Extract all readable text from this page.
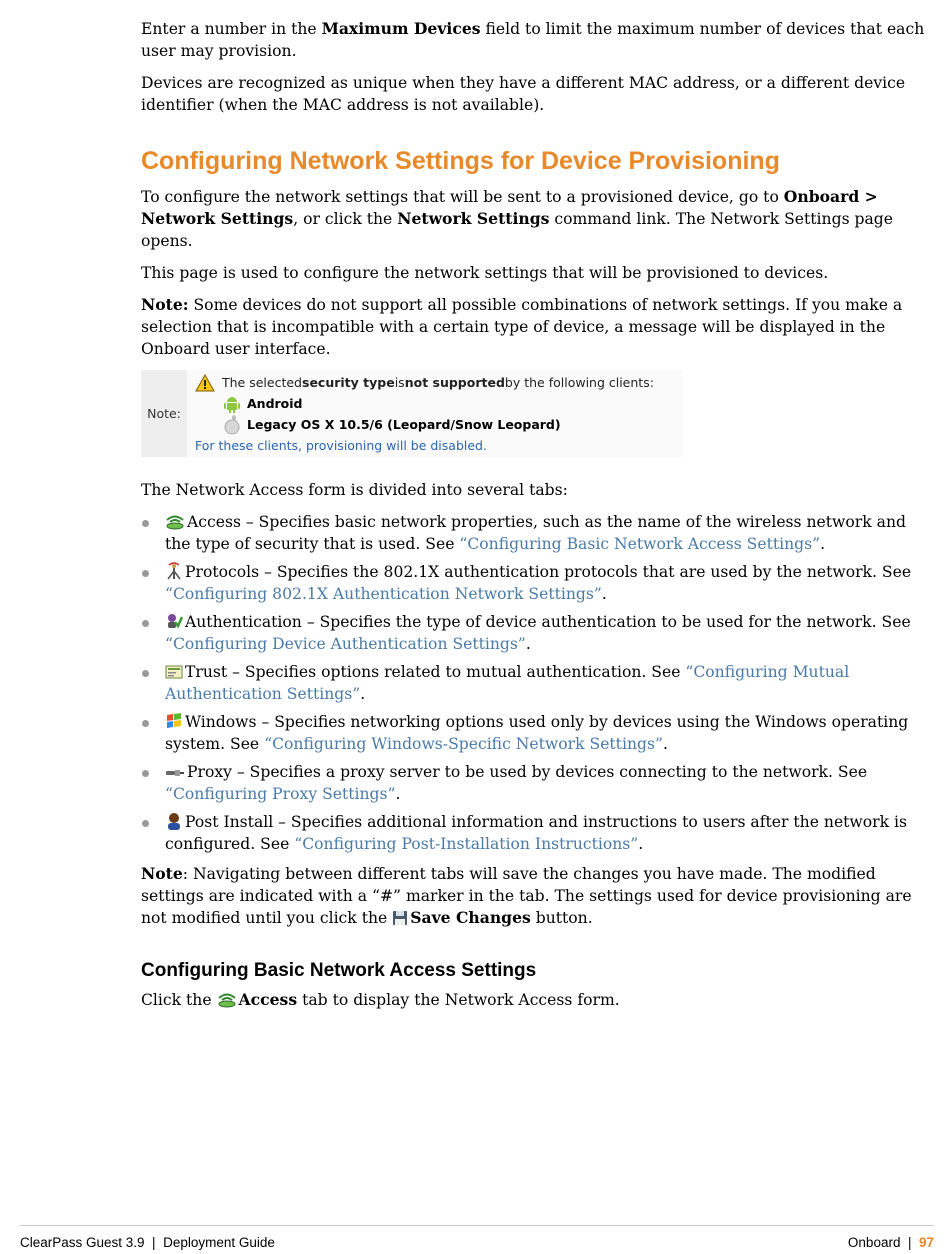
Enter a number in the Maximum Devices field to limit the maximum number of devices that each user may provision.

Devices are recognized as unique when they have a different MAC address, or a different device identifier (when the MAC address is not available).

Configuring Network Settings for Device Provisioning

To configure the network settings that will be sent to a provisioned device, go to Onboard > Network Settings, or click the Network Settings command link. The Network Settings page opens.

This page is used to configure the network settings that will be provisioned to devices.

Note: Some devices do not support all possible combinations of network settings. If you make a selection that is incompatible with a certain type of device, a message will be displayed in the Onboard user interface.

Note:
The selected security type is not supported by the following clients:
Android
Legacy OS X 10.5/6 (Leopard/Snow Leopard)
For these clients, provisioning will be disabled.

The Network Access form is divided into several tabs:

Access – Specifies basic network properties, such as the name of the wireless network and the type of security that is used. See “Configuring Basic Network Access Settings”.
Protocols – Specifies the 802.1X authentication protocols that are used by the network. See “Configuring 802.1X Authentication Network Settings”.
Authentication – Specifies the type of device authentication to be used for the network. See “Configuring Device Authentication Settings”.
Trust – Specifies options related to mutual authentication. See “Configuring Mutual Authentication Settings”.
Windows – Specifies networking options used only by devices using the Windows operating system. See “Configuring Windows-Specific Network Settings”.
Proxy – Specifies a proxy server to be used by devices connecting to the network. See “Configuring Proxy Settings”.
Post Install – Specifies additional information and instructions to users after the network is configured. See “Configuring Post-Installation Instructions”.

Note: Navigating between different tabs will save the changes you have made. The modified settings are indicated with a “#” marker in the tab. The settings used for device provisioning are not modified until you click the Save Changes button.

Configuring Basic Network Access Settings

Click the Access tab to display the Network Access form.

ClearPass Guest 3.9  |  Deployment Guide	Onboard  |  97
